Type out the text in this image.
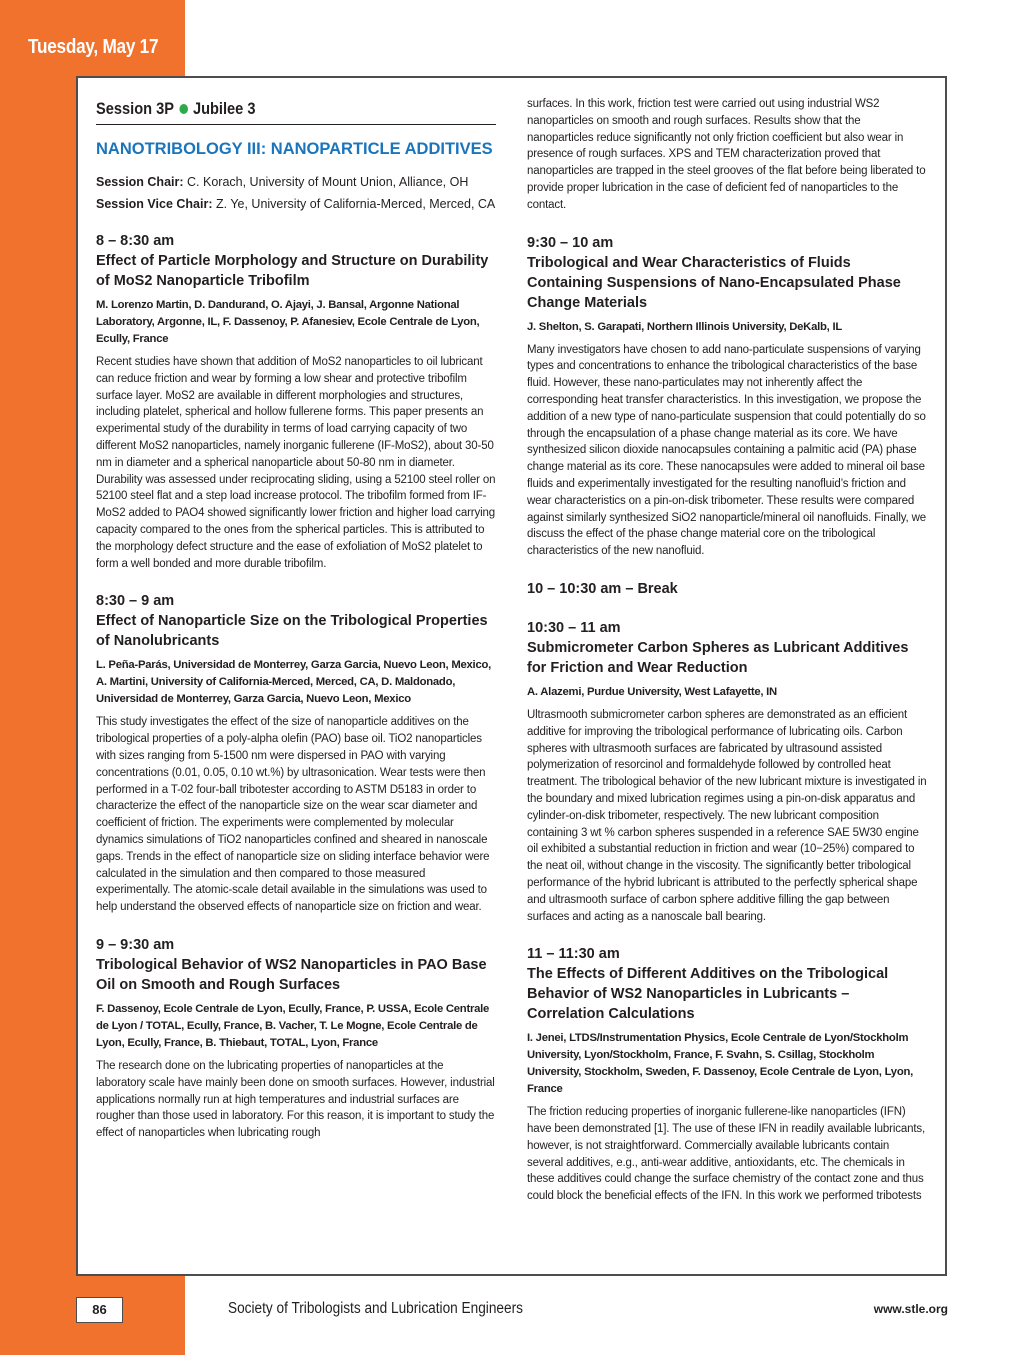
Tuesday, May 17
Session 3P Jubilee 3
NANOTRIBOLOGY III: NANOPARTICLE ADDITIVES
Session Chair: C. Korach, University of Mount Union, Alliance, OH
Session Vice Chair: Z. Ye, University of California-Merced, Merced, CA
8 – 8:30 am
Effect of Particle Morphology and Structure on Durability of MoS2 Nanoparticle Tribofilm
M. Lorenzo Martin, D. Dandurand, O. Ajayi, J. Bansal, Argonne National Laboratory, Argonne, IL, F. Dassenoy, P. Afanesiev, Ecole Centrale de Lyon, Ecully, France
Recent studies have shown that addition of MoS2 nanoparticles to oil lubricant can reduce friction and wear by forming a low shear and protective tribofilm surface layer. MoS2 are available in different morphologies and structures, including platelet, spherical and hollow fullerene forms. This paper presents an experimental study of the durability in terms of load carrying capacity of two different MoS2 nanoparticles, namely inorganic fullerene (IF-MoS2), about 30-50 nm in diameter and a spherical nanoparticle about 50-80 nm in diameter. Durability was assessed under reciprocating sliding, using a 52100 steel roller on 52100 steel flat and a step load increase protocol. The tribofilm formed from IF-MoS2 added to PAO4 showed significantly lower friction and higher load carrying capacity compared to the ones from the spherical particles. This is attributed to the morphology defect structure and the ease of exfoliation of MoS2 platelet to form a well bonded and more durable tribofilm.
8:30 – 9 am
Effect of Nanoparticle Size on the Tribological Properties of Nanolubricants
L. Peña-Parás, Universidad de Monterrey, Garza Garcia, Nuevo Leon, Mexico, A. Martini, University of California-Merced, Merced, CA, D. Maldonado, Universidad de Monterrey, Garza Garcia, Nuevo Leon, Mexico
This study investigates the effect of the size of nanoparticle additives on the tribological properties of a poly-alpha olefin (PAO) base oil. TiO2 nanoparticles with sizes ranging from 5-1500 nm were dispersed in PAO with varying concentrations (0.01, 0.05, 0.10 wt.%) by ultrasonication. Wear tests were then performed in a T-02 four-ball tribotester according to ASTM D5183 in order to characterize the effect of the nanoparticle size on the wear scar diameter and coefficient of friction. The experiments were complemented by molecular dynamics simulations of TiO2 nanoparticles confined and sheared in nanoscale gaps. Trends in the effect of nanoparticle size on sliding interface behavior were calculated in the simulation and then compared to those measured experimentally. The atomic-scale detail available in the simulations was used to help understand the observed effects of nanoparticle size on friction and wear.
9 – 9:30 am
Tribological Behavior of WS2 Nanoparticles in PAO Base Oil on Smooth and Rough Surfaces
F. Dassenoy, Ecole Centrale de Lyon, Ecully, France, P. USSA, Ecole Centrale de Lyon / TOTAL, Ecully, France, B. Vacher, T. Le Mogne, Ecole Centrale de Lyon, Ecully, France, B. Thiebaut, TOTAL, Lyon, France
The research done on the lubricating properties of nanoparticles at the laboratory scale have mainly been done on smooth surfaces. However, industrial applications normally run at high temperatures and industrial surfaces are rougher than those used in laboratory. For this reason, it is important to study the effect of nanoparticles when lubricating rough
surfaces. In this work, friction test were carried out using industrial WS2 nanoparticles on smooth and rough surfaces. Results show that the nanoparticles reduce significantly not only friction coefficient but also wear in presence of rough surfaces. XPS and TEM characterization proved that nanoparticles are trapped in the steel grooves of the flat before being liberated to provide proper lubrication in the case of deficient fed of nanoparticles to the contact.
9:30 – 10 am
Tribological and Wear Characteristics of Fluids Containing Suspensions of Nano-Encapsulated Phase Change Materials
J. Shelton, S. Garapati, Northern Illinois University, DeKalb, IL
Many investigators have chosen to add nano-particulate suspensions of varying types and concentrations to enhance the tribological characteristics of the base fluid. However, these nano-particulates may not inherently affect the corresponding heat transfer characteristics. In this investigation, we propose the addition of a new type of nano-particulate suspension that could potentially do so through the encapsulation of a phase change material as its core. We have synthesized silicon dioxide nanocapsules containing a palmitic acid (PA) phase change material as its core. These nanocapsules were added to mineral oil base fluids and experimentally investigated for the resulting nanofluid’s friction and wear characteristics on a pin-on-disk tribometer. These results were compared against similarly synthesized SiO2 nanoparticle/mineral oil nanofluids. Finally, we discuss the effect of the phase change material core on the tribological characteristics of the new nanofluid.
10 – 10:30 am – Break
10:30 – 11 am
Submicrometer Carbon Spheres as Lubricant Additives for Friction and Wear Reduction
A. Alazemi, Purdue University, West Lafayette, IN
Ultrasmooth submicrometer carbon spheres are demonstrated as an efficient additive for improving the tribological performance of lubricating oils. Carbon spheres with ultrasmooth surfaces are fabricated by ultrasound assisted polymerization of resorcinol and formaldehyde followed by controlled heat treatment. The tribological behavior of the new lubricant mixture is investigated in the boundary and mixed lubrication regimes using a pin-on-disk apparatus and cylinder-on-disk tribometer, respectively. The new lubricant composition containing 3 wt % carbon spheres suspended in a reference SAE 5W30 engine oil exhibited a substantial reduction in friction and wear (10−25%) compared to the neat oil, without change in the viscosity. The significantly better tribological performance of the hybrid lubricant is attributed to the perfectly spherical shape and ultrasmooth surface of carbon sphere additive filling the gap between surfaces and acting as a nanoscale ball bearing.
11 – 11:30 am
The Effects of Different Additives on the Tribological Behavior of WS2 Nanoparticles in Lubricants – Correlation Calculations
I. Jenei, LTDS/Instrumentation Physics, Ecole Centrale de Lyon/Stockholm University, Lyon/Stockholm, France, F. Svahn, S. Csillag, Stockholm University, Stockholm, Sweden, F. Dassenoy, Ecole Centrale de Lyon, Lyon, France
The friction reducing properties of inorganic fullerene-like nanoparticles (IFN) have been demonstrated [1]. The use of these IFN in readily available lubricants, however, is not straightforward. Commercially available lubricants contain several additives, e.g., anti-wear additive, antioxidants, etc. The chemicals in these additives could change the surface chemistry of the contact zone and thus could block the beneficial effects of the IFN. In this work we performed tribotests
86	Society of Tribologists and Lubrication Engineers	www.stle.org
